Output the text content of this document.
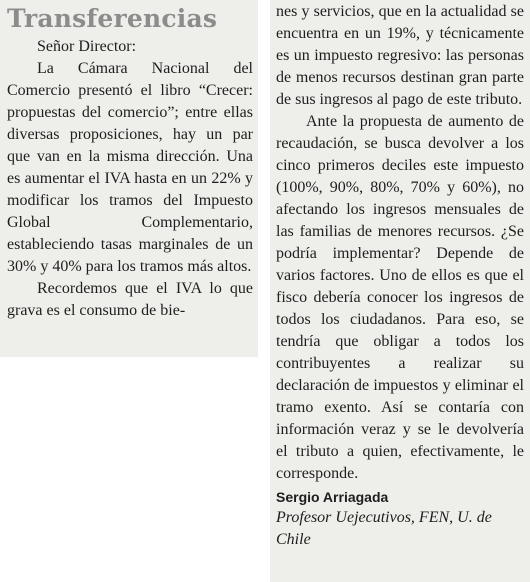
Transferencias

Señor Director:

La Cámara Nacional del Comercio presentó el libro “Crecer: propuestas del comercio”; entre ellas diversas proposiciones, hay un par que van en la misma dirección. Una es aumentar el IVA hasta en un 22% y modificar los tramos del Impuesto Global Complementario, estableciendo tasas marginales de un 30% y 40% para los tramos más altos.

Recordemos que el IVA lo que grava es el consumo de bie-

nes y servicios, que en la actualidad se encuentra en un 19%, y técnicamente es un impuesto regresivo: las personas de menos recursos destinan gran parte de sus ingresos al pago de este tributo.

Ante la propuesta de aumento de recaudación, se busca devolver a los cinco primeros deciles este impuesto (100%, 90%, 80%, 70% y 60%), no afectando los ingresos mensuales de las familias de menores recursos. ¿Se podría implementar? Depende de varios factores. Uno de ellos es que el fisco debería conocer los ingresos de todos los ciudadanos. Para eso, se tendría que obligar a todos los contribuyentes a realizar su declaración de impuestos y eliminar el tramo exento. Así se contaría con información veraz y se le devolvería el tributo a quien, efectivamente, le corresponde.

Sergio Arriagada

Profesor Uejecutivos, FEN, U. de Chile
